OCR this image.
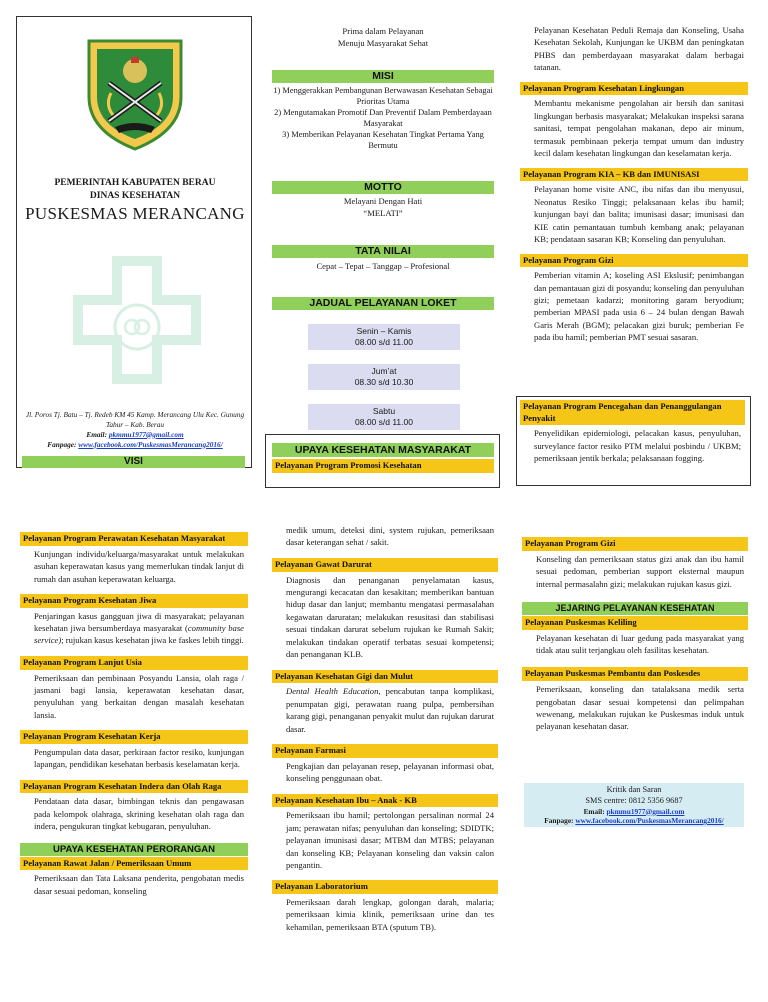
PEMERINTAH KABUPATEN BERAU
DINAS KESEHATAN
PUSKESMAS MERANCANG
Jl. Poros Tj. Batu – Tj. Redeb KM 45 Kamp. Merancang Ulu Kec. Gunung Tabur – Kab. Berau
Email: pkmmu1977@gmail.com
Fanpage: www.facebook.com/PuskesmasMerancang2016/
VISI
Prima dalam Pelayanan
Menuju Masyarakat Sehat
MISI
1) Menggerakkan Pembangunan Berwawasan Kesehatan Sebagai Prioritas Utama
2) Mengutamakan Promotif Dan Preventif Dalam Pemberdayaan Masyarakat
3) Memberikan Pelayanan Kesehatan Tingkat Pertama Yang Bermutu
MOTTO
Melayani Dengan Hati
“MELATI”
TATA NILAI
Cepat – Tepat – Tanggap – Profesional
JADUAL PELAYANAN LOKET
Senin – Kamis
08.00 s/d 11.00
Jum’at
08.30 s/d 10.30
Sabtu
08.00 s/d 11.00
UPAYA KESEHATAN MASYARAKAT
Pelayanan Program Promosi Kesehatan
Pelayanan Kesehatan Peduli Remaja dan Konseling, Usaha Kesehatan Sekolah, Kunjungan ke UKBM dan peningkatan PHBS dan pemberdayaan masyarakat dalam berbagai tatanan.
Pelayanan Program Kesehatan Lingkungan
Membantu mekanisme pengolahan air bersih dan sanitasi lingkungan berbasis masyarakat; Melakukan inspeksi sarana sanitasi, tempat pengolahan makanan, depo air minum, termasuk pembinaan pekerja tempat umum dan industry kecil dalam kesehatan lingkungan dan keselamatan kerja.
Pelayanan Program KIA – KB dan IMUNISASI
Pelayanan home visite ANC, ibu nifas dan ibu menyusui, Neonatus Resiko Tinggi; pelaksanaan kelas ibu hamil; kunjungan bayi dan balita; imunisasi dasar; imunisasi dan KIE catin pemantauan tumbuh kembang anak; pelayanan KB; pendataan sasaran KB; Konseling dan penyuluhan.
Pelayanan Program Gizi
Pemberian vitamin A; koseling ASI Ekslusif; penimbangan dan pemantauan gizi di posyandu; konseling dan penyuluhan gizi; pemetaan kadarzi; monitoring garam beryodium; pemberian MPASI pada usia 6 – 24 bulan dengan Bawah Garis Merah (BGM); pelacakan gizi buruk; pemberian Fe pada ibu hamil; pemberian PMT sesuai sasaran.
Pelayanan Program Pencegahan dan Penanggulangan Penyakit
Penyelidikan epidemiologi, pelacakan kasus, penyuluhan, surveylance factor resiko PTM melalui posbindu / UKBM; pemeriksaan jentik berkala; pelaksanaan fogging.
Pelayanan Program Perawatan Kesehatan Masyarakat
Kunjungan individu/keluarga/masyarakat untuk melakukan asuhan keperawatan kasus yang memerlukan tindak lanjut di rumah dan asuhan keperawatan keluarga.
Pelayanan Program Kesehatan Jiwa
Penjaringan kasus gangguan jiwa di masyarakat; pelayanan kesehatan jiwa bersumberdaya masyarakat (community base service); rujukan kasus kesehatan jiwa ke faskes lebih tinggi.
Pelayanan Program Lanjut Usia
Pemeriksaan dan pembinaan Posyandu Lansia, olah raga / jasmani bagi lansia, keperawatan kesehatan dasar, penyuluhan yang berkaitan dengan masalah kesehatan lansia.
Pelayanan Program Kesehatan Kerja
Pengumpulan data dasar, perkiraan factor resiko, kunjungan lapangan, pendidikan kesehatan berbasis keselamatan kerja.
Pelayanan Program Kesehatan Indera dan Olah Raga
Pendataan data dasar, bimbingan teknis dan pengawasan pada kelompok olahraga, skrining kesehatan olah raga dan indera, pengukuran tingkat kebugaran, penyuluhan.
UPAYA KESEHATAN PERORANGAN
Pelayanan Rawat Jalan / Pemeriksaan Umum
Pemeriksaan dan Tata Laksana penderita, pengobatan medis dasar sesuai pedoman, konseling
medik umum, deteksi dini, system rujukan, pemeriksaan dasar keterangan sehat / sakit.
Pelayanan Gawat Darurat
Diagnosis dan penanganan penyelamatan kasus, mengurangi kecacatan dan kesakitan; memberikan bantuan hidup dasar dan lanjut; membantu mengatasi permasalahan kegawatan daruratan; melakukan resusitasi dan stabilisasi sesuai tindakan darurat sebelum rujukan ke Rumah Sakit; melakukan tindakan operatif terbatas sesuai kompetensi; dan penanganan KLB.
Pelayanan Kesehatan Gigi dan Mulut
Dental Health Education, pencabutan tanpa komplikasi, penumpatan gigi, perawatan ruang pulpa, pembersihan karang gigi, penanganan penyakit mulut dan rujukan darurat dasar.
Pelayanan Farmasi
Pengkajian dan pelayanan resep, pelayanan informasi obat, konseling penggunaan obat.
Pelayanan Kesehatan Ibu – Anak - KB
Pemeriksaan ibu hamil; pertolongan persalinan normal 24 jam; perawatan nifas; penyuluhan dan konseling; SDIDTK; pelayanan imunisasi dasar; MTBM dan MTBS; pelayanan dan konseling KB; Pelayanan konseling dan vaksin calon pengantin.
Pelayanan Laboratorium
Pemeriksaan darah lengkap, golongan darah, malaria; pemeriksaan kimia klinik, pemeriksaan urine dan tes kehamilan, pemeriksaan BTA (sputum TB).
Pelayanan Program Gizi
Konseling dan pemeriksaan status gizi anak dan ibu hamil sesuai pedoman, pemberian support eksternal maupun internal permasalahn gizi; melakukan rujukan kasus gizi.
JEJARING PELAYANAN KESEHATAN
Pelayanan Puskesmas Keliling
Pelayanan kesehatan di luar gedung pada masyarakat yang tidak atau sulit terjangkau oleh fasilitas kesehatan.
Pelayanan Puskesmas Pembantu dan Poskesdes
Pemeriksaan, konseling dan tatalaksana medik serta pengobatan dasar sesuai kompetensi dan pelimpahan wewenang, melakukan rujukan ke Puskesmas induk untuk pelayanan kesehatan dasar.
Kritik dan Saran
SMS centre: 0812 5356 9687
Email: pkmmu1977@gmail.com
Fanpage: www.facebook.com/PuskesmasMerancang2016/
